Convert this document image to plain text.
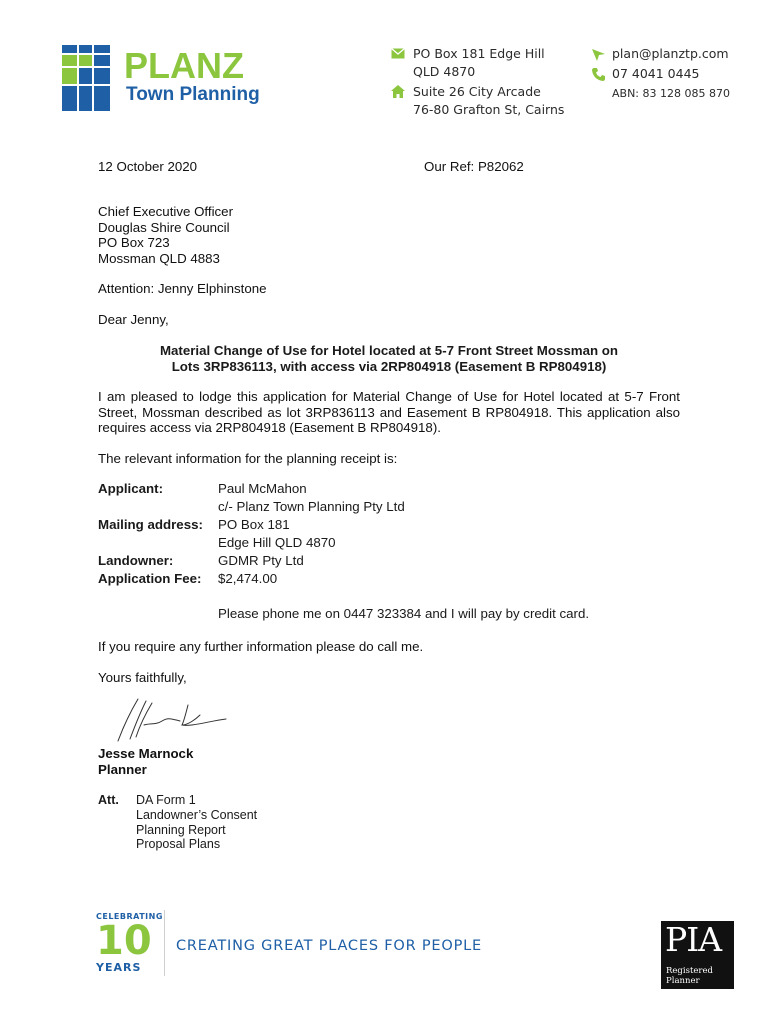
PLANZ
Town Planning
PO Box 181 Edge Hill
QLD 4870
Suite 26 City Arcade
76-80 Grafton St, Cairns
plan@planztp.com
07 4041 0445
ABN: 83 128 085 870
12 October 2020	Our Ref: P82062
Chief Executive Officer
Douglas Shire Council
PO Box 723
Mossman QLD 4883
Attention: Jenny Elphinstone
Dear Jenny,
Material Change of Use for Hotel located at 5-7 Front Street Mossman on
Lots 3RP836113, with access via 2RP804918 (Easement B RP804918)
I am pleased to lodge this application for Material Change of Use for Hotel located at 5-7 Front Street, Mossman described as lot 3RP836113 and Easement B RP804918. This application also requires access via 2RP804918 (Easement B RP804918).
The relevant information for the planning receipt is:
Applicant:	Paul McMahon
c/- Planz Town Planning Pty Ltd
Mailing address: PO Box 181
Edge Hill QLD 4870
Landowner:	GDMR Pty Ltd
Application Fee: $2,474.00
Please phone me on 0447 323384 and I will pay by credit card.
If you require any further information please do call me.
Yours faithfully,
Jesse Marnock
Planner
Att. DA Form 1
Landowner’s Consent
Planning Report
Proposal Plans
CELEBRATING
10
YEARS
CREATING GREAT PLACES FOR PEOPLE	PIA
Registered
Planner
